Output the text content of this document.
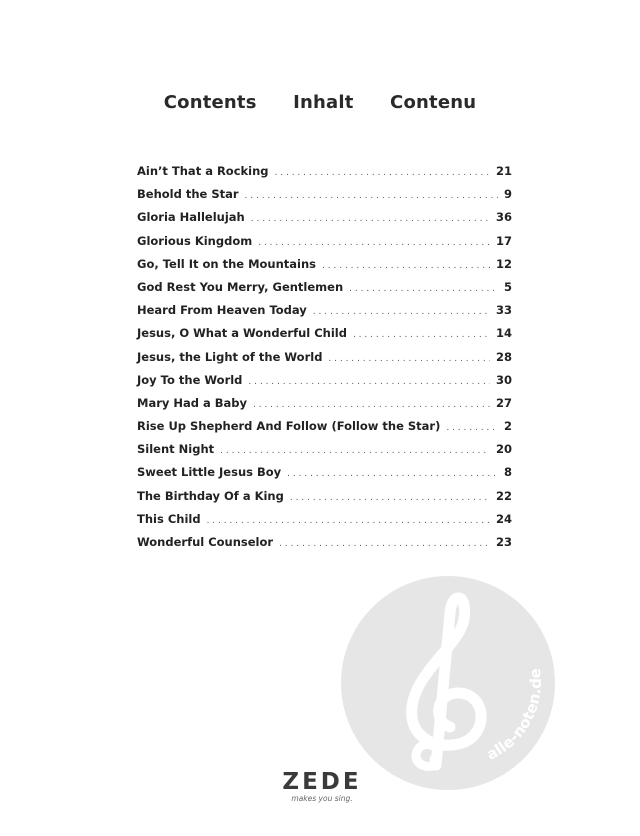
Contents Inhalt Contenu
Ain’t That a Rocking . . .	21
Behold the Star . . .	9
Gloria Hallelujah . . .	36
Glorious Kingdom . . .	17
Go, Tell It on the Mountains . . .	12
God Rest You Merry, Gentlemen . . .	5
Heard From Heaven Today . . .	33
Jesus, O What a Wonderful Child . . .	14
Jesus, the Light of the World . . .	28
Joy To the World . . .	30
Mary Had a Baby . . .	27
Rise Up Shepherd And Follow (Follow the Star) . . .	2
Silent Night . . .	20
Sweet Little Jesus Boy . . .	8
The Birthday Of a King . . .	22
This Child . . .	24
Wonderful Counselor . . .	23
alle-noten.de
ZEDE
makes you sing.
